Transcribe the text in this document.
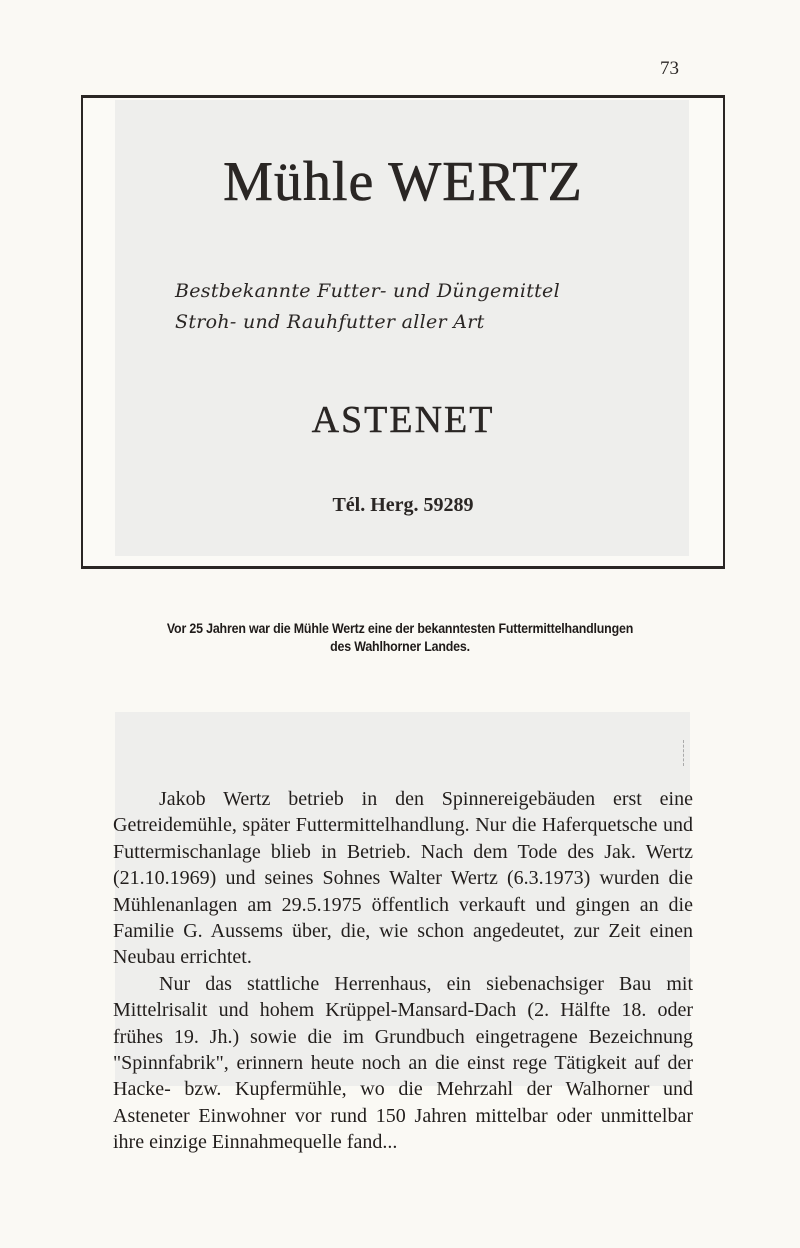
73
Mühle WERTZ
Bestbekannte Futter- und Düngemittel
Stroh- und Rauhfutter aller Art
ASTENET
Tél. Herg. 59289
Vor 25 Jahren war die Mühle Wertz eine der bekanntesten Futtermittelhandlungen
des Wahlhorner Landes.

Jakob Wertz betrieb in den Spinnereigebäuden erst eine Getreidemühle, später Futtermittelhandlung. Nur die Haferquetsche und Futtermischanlage blieb in Betrieb. Nach dem Tode des Jak. Wertz (21.10.1969) und seines Sohnes Walter Wertz (6.3.1973) wurden die Mühlenanlagen am 29.5.1975 öffentlich verkauft und gingen an die Familie G. Aussems über, die, wie schon angedeutet, zur Zeit einen Neubau errichtet.

Nur das stattliche Herrenhaus, ein siebenachsiger Bau mit Mittelrisalit und hohem Krüppel-Mansard-Dach (2. Hälfte 18. oder frühes 19. Jh.) sowie die im Grundbuch eingetragene Bezeichnung "Spinnfabrik", erinnern heute noch an die einst rege Tätigkeit auf der Hacke- bzw. Kupfermühle, wo die Mehrzahl der Walhorner und Asteneter Einwohner vor rund 150 Jahren mittelbar oder unmittelbar ihre einzige Einnahmequelle fand...
